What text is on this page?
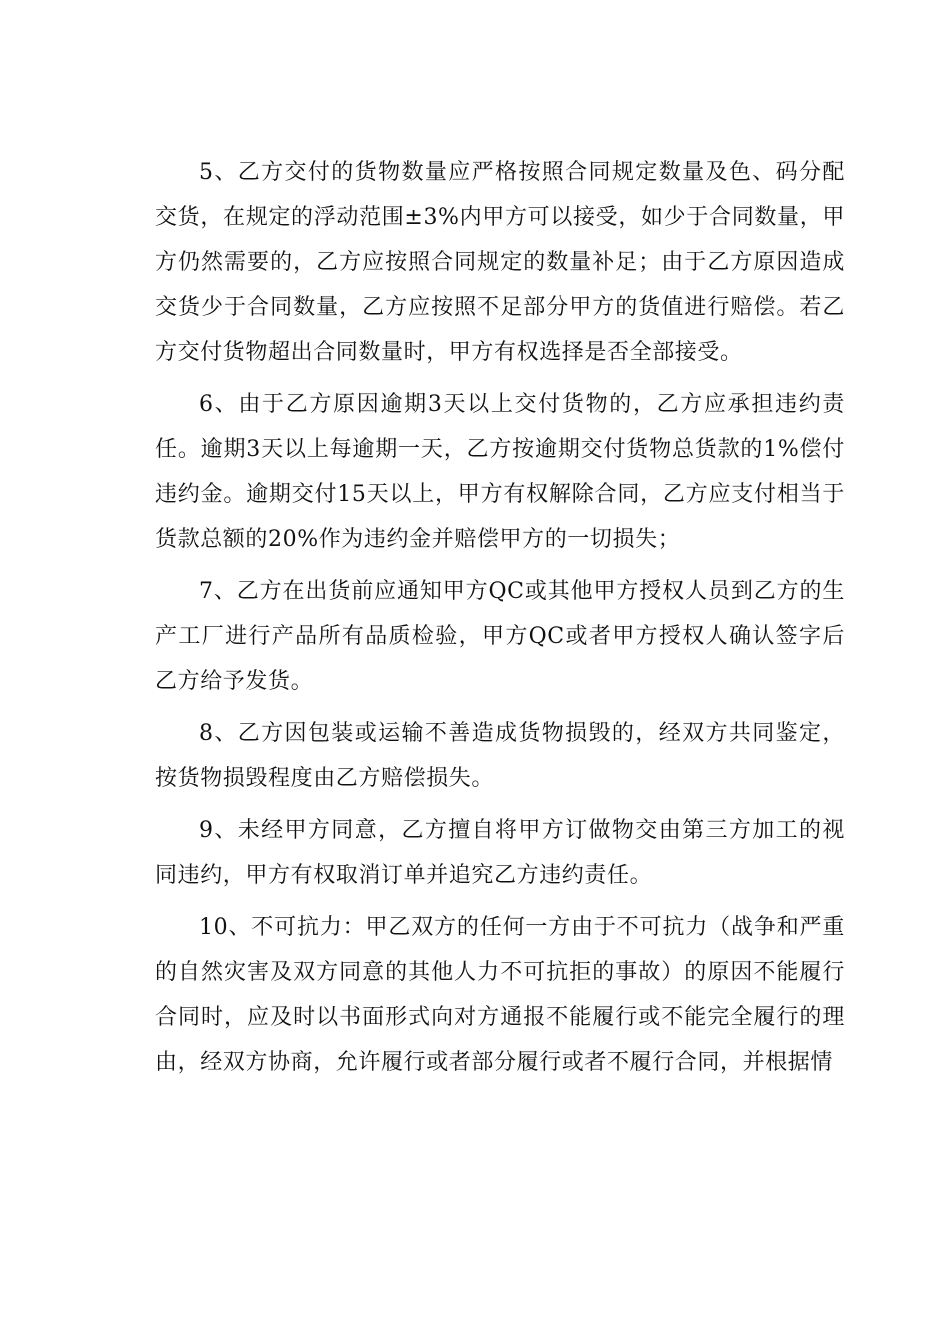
5、乙方交付的货物数量应严格按照合同规定数量及色、码分配交货，在规定的浮动范围±3%内甲方可以接受，如少于合同数量，甲方仍然需要的，乙方应按照合同规定的数量补足；由于乙方原因造成交货少于合同数量，乙方应按照不足部分甲方的货值进行赔偿。若乙方交付货物超出合同数量时，甲方有权选择是否全部接受。

6、由于乙方原因逾期3天以上交付货物的，乙方应承担违约责任。逾期3天以上每逾期一天，乙方按逾期交付货物总货款的1%偿付违约金。逾期交付15天以上，甲方有权解除合同，乙方应支付相当于货款总额的20%作为违约金并赔偿甲方的一切损失；

7、乙方在出货前应通知甲方QC或其他甲方授权人员到乙方的生产工厂进行产品所有品质检验，甲方QC或者甲方授权人确认签字后乙方给予发货。

8、乙方因包装或运输不善造成货物损毁的，经双方共同鉴定，按货物损毁程度由乙方赔偿损失。

9、未经甲方同意，乙方擅自将甲方订做物交由第三方加工的视同违约，甲方有权取消订单并追究乙方违约责任。

10、不可抗力：甲乙双方的任何一方由于不可抗力（战争和严重的自然灾害及双方同意的其他人力不可抗拒的事故）的原因不能履行合同时，应及时以书面形式向对方通报不能履行或不能完全履行的理由，经双方协商，允许履行或者部分履行或者不履行合同，并根据情
